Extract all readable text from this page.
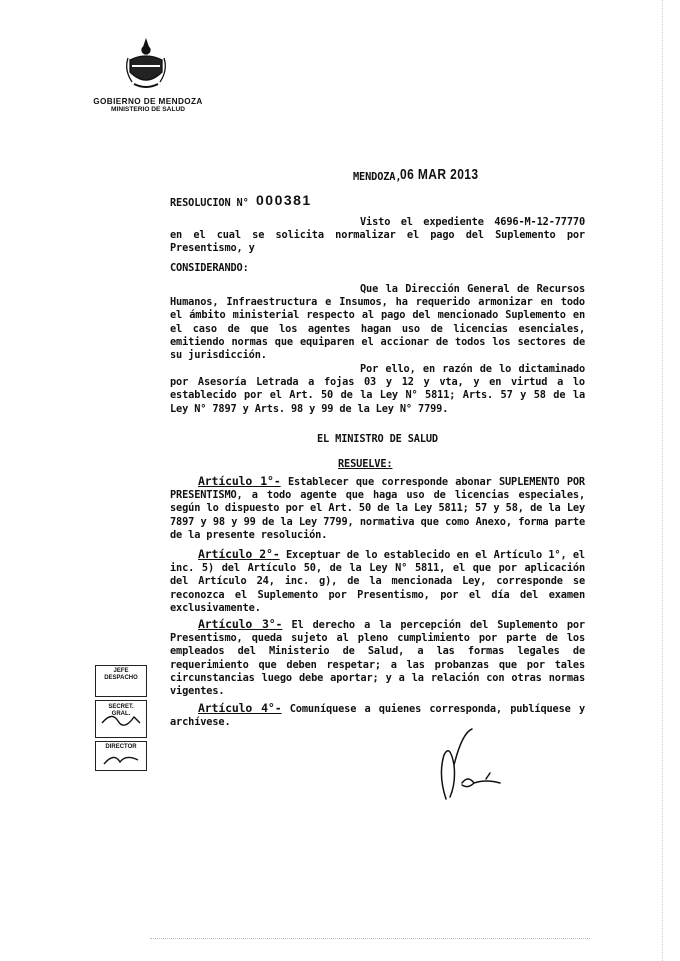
GOBIERNO DE MENDOZA
MINISTERIO DE SALUD
MENDOZA,
06 MAR 2013
RESOLUCION N° 000381
Visto el expediente 4696-M-12-77770 en el cual se solicita normalizar el pago del Suplemento por Presentismo, y
CONSIDERANDO:
Que la Dirección General de Recursos Humanos, Infraestructura e Insumos, ha requerido armonizar en todo el ámbito ministerial respecto al pago del mencionado Suplemento en el caso de que los agentes hagan uso de licencias esenciales, emitiendo normas que equiparen el accionar de todos los sectores de su jurisdicción.
Por ello, en razón de lo dictaminado por Asesoría Letrada a fojas 03 y 12 y vta, y en virtud a lo establecido por el Art. 50 de la Ley N° 5811; Arts. 57 y 58 de la Ley N° 7897 y Arts. 98 y 99 de la Ley N° 7799.
EL MINISTRO DE SALUD
RESUELVE:
Artículo 1°- Establecer que corresponde abonar SUPLEMENTO POR PRESENTISMO, a todo agente que haga uso de licencias especiales, según lo dispuesto por el Art. 50 de la Ley 5811; 57 y 58, de la Ley 7897 y 98 y 99 de la Ley 7799, normativa que como Anexo, forma parte de la presente resolución.
Artículo 2°- Exceptuar de lo establecido en el Artículo 1°, el inc. 5) del Artículo 50, de la Ley N° 5811, el que por aplicación del Artículo 24, inc. g), de la mencionada Ley, corresponde se reconozca el Suplemento por Presentismo, por el día del examen exclusivamente.
Artículo 3°- El derecho a la percepción del Suplemento por Presentismo, queda sujeto al pleno cumplimiento por parte de los empleados del Ministerio de Salud, a las formas legales de requerimiento que deben respetar; a las probanzas que por tales circunstancias luego debe aportar; y a la relación con otras normas vigentes.
Artículo 4°- Comuníquese a quienes corresponda, publíquese y archívese.
JEFE
DESPACHO
SECRET.
GRAL.
DIRECTOR
